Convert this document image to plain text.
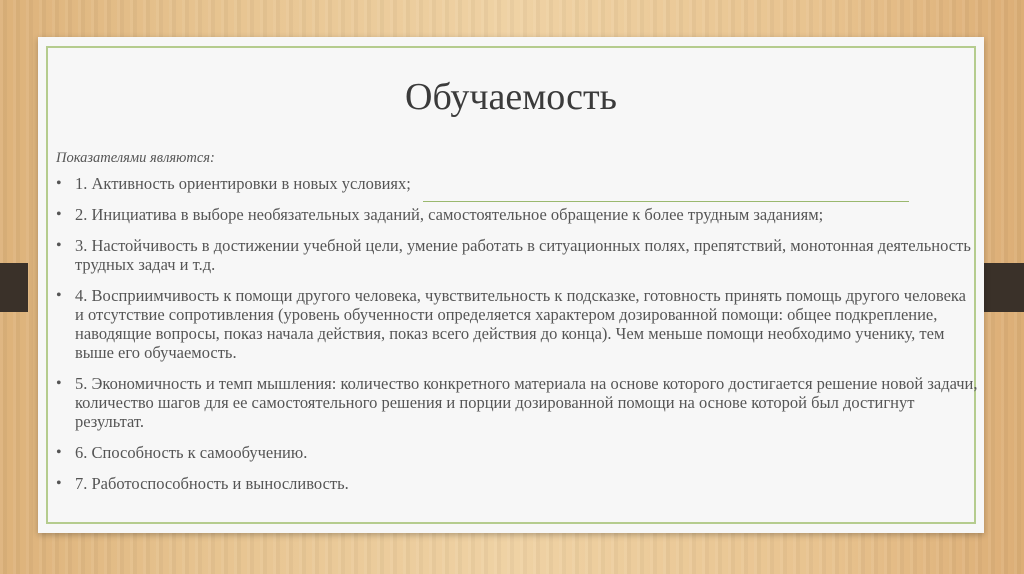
Обучаемость

Показателями являются:

• 1. Активность ориентировки в новых условиях;
• 2. Инициатива в выборе необязательных заданий, самостоятельное обращение к более трудным заданиям;
• 3. Настойчивость в достижении учебной цели, умение работать в ситуационных полях, препятствий, монотонная деятельность трудных задач и т.д.
• 4. Восприимчивость к помощи другого человека, чувствительность к подсказке, готовность принять помощь другого человека и отсутствие сопротивления (уровень обученности определяется характером дозированной помощи: общее подкрепление, наводящие вопросы, показ начала действия, показ всего действия до конца). Чем меньше помощи необходимо ученику, тем выше его обучаемость.
• 5. Экономичность и темп мышления: количество конкретного материала на основе которого достигается решение новой задачи, количество шагов для ее самостоятельного решения и порции дозированной помощи на основе которой был достигнут результат.
• 6. Способность к самообучению.
• 7. Работоспособность и выносливость.
